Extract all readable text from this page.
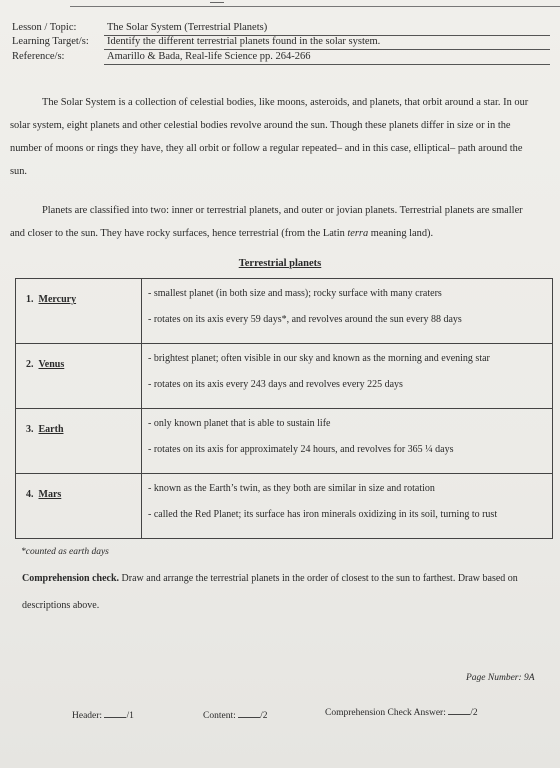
Lesson / Topic:	The Solar System (Terrestrial Planets)
Learning Target/s: Identify the different terrestrial planets found in the solar system.
Reference/s:	Amarillo & Bada, Real-life Science pp. 264-266
The Solar System is a collection of celestial bodies, like moons, asteroids, and planets, that orbit around a star. In our solar system, eight planets and other celestial bodies revolve around the sun. Though these planets differ in size or in the number of moons or rings they have, they all orbit or follow a regular repeated– and in this case, elliptical– path around the sun.
Planets are classified into two: inner or terrestrial planets, and outer or jovian planets. Terrestrial planets are smaller and closer to the sun. They have rocky surfaces, hence terrestrial (from the Latin terra meaning land).
Terrestrial planets
1. Mercury	- smallest planet (in both size and mass); rocky surface with many craters
- rotates on its axis every 59 days*, and revolves around the sun every 88 days

2. Venus	- brightest planet; often visible in our sky and known as the morning and evening star
- rotates on its axis every 243 days and revolves every 225 days

3. Earth	- only known planet that is able to sustain life
- rotates on its axis for approximately 24 hours, and revolves for 365 ¼ days

4. Mars	- known as the Earth’s twin, as they both are similar in size and rotation
- called the Red Planet; its surface has iron minerals oxidizing in its soil, turning to rust
*counted as earth days
Comprehension check. Draw and arrange the terrestrial planets in the order of closest to the sun to farthest. Draw based on descriptions above.
Page Number: 9A
Header:	/1	Content:	/2	Comprehension Check Answer:	/2
